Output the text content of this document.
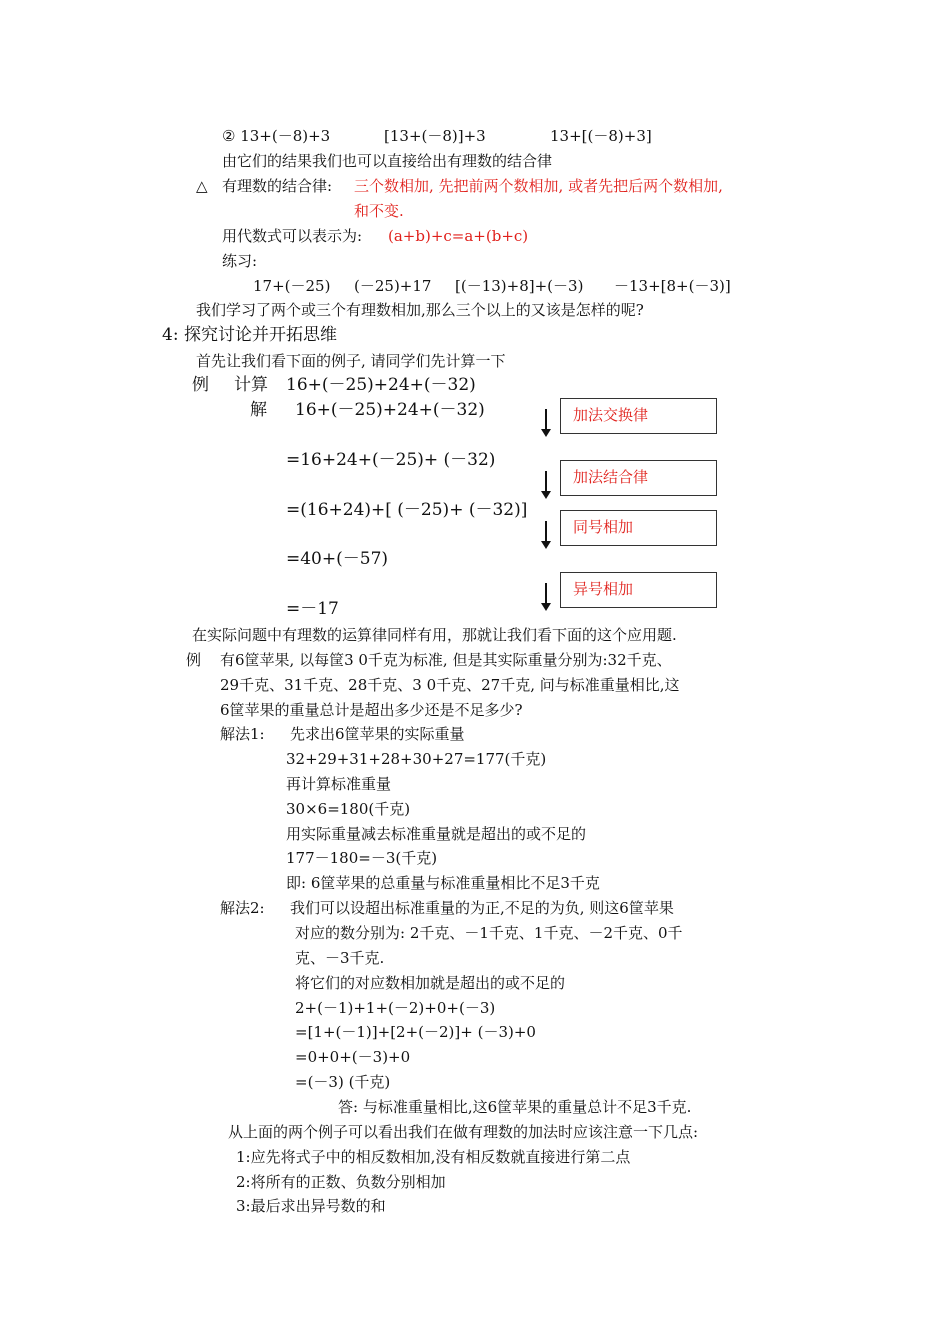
② 13+(－8)+3	[13+(－8)]+3	13+[(－8)+3]
由它们的结果我们也可以直接给出有理数的结合律
△ 有理数的结合律: 三个数相加, 先把前两个数相加, 或者先把后两个数相加,
和不变.
用代数式可以表示为: (a+b)+c=a+(b+c)
练习:
17+(－25) (－25)+17 [(－13)+8]+(－3) －13+[8+(－3)]
我们学习了两个或三个有理数相加,那么三个以上的又该是怎样的呢?
4: 探究讨论并开拓思维
首先让我们看下面的例子, 请同学们先计算一下
例 计算 16+(－25)+24+(－32)
解 16+(－25)+24+(－32)
=16+24+(－25)+ (－32)
=(16+24)+[ (－25)+ (－32)]
=40+(－57)
=－17
加法交换律
加法结合律
同号相加
异号相加
在实际问题中有理数的运算律同样有用，那就让我们看下面的这个应用题.
例 有6筐苹果, 以每筐3 0千克为标准, 但是其实际重量分别为:32千克、
29千克、31千克、28千克、3 0千克、27千克, 问与标准重量相比,这
6筐苹果的重量总计是超出多少还是不足多少?
解法1: 先求出6筐苹果的实际重量
32+29+31+28+30+27=177(千克)
再计算标准重量
30×6=180(千克)
用实际重量减去标准重量就是超出的或不足的
177－180=－3(千克)
即: 6筐苹果的总重量与标准重量相比不足3千克
解法2: 我们可以设超出标准重量的为正,不足的为负, 则这6筐苹果
对应的数分别为: 2千克、－1千克、1千克、－2千克、0千
克、－3千克.
将它们的对应数相加就是超出的或不足的
2+(－1)+1+(－2)+0+(－3)
=[1+(－1)]+[2+(－2)]+ (－3)+0
=0+0+(－3)+0
=(－3) (千克)
答: 与标准重量相比,这6筐苹果的重量总计不足3千克.
从上面的两个例子可以看出我们在做有理数的加法时应该注意一下几点:
1:应先将式子中的相反数相加,没有相反数就直接进行第二点
2:将所有的正数、负数分别相加
3:最后求出异号数的和
